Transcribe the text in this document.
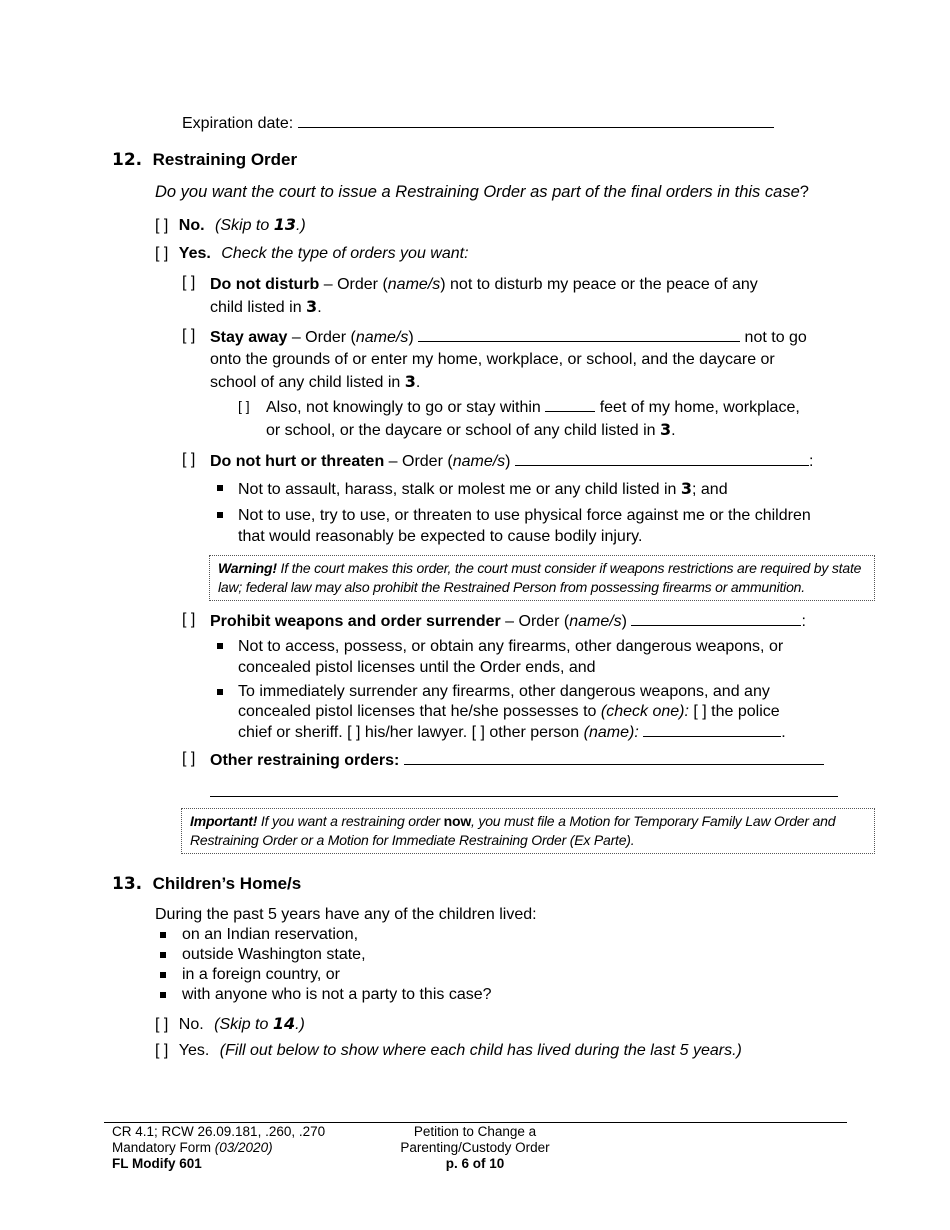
Expiration date:
12. Restraining Order
Do you want the court to issue a Restraining Order as part of the final orders in this case?
[ ] No. (Skip to 13.)
[ ] Yes. Check the type of orders you want:
[ ] Do not disturb – Order (name/s) not to disturb my peace or the peace of any
child listed in 3.
[ ] Stay away – Order (name/s)	not to go
onto the grounds of or enter my home, workplace, or school, and the daycare or
school of any child listed in 3.
[ ] Also, not knowingly to go or stay within	feet of my home, workplace,
or school, or the daycare or school of any child listed in 3.
[ ] Do not hurt or threaten – Order (name/s)	:
Not to assault, harass, stalk or molest me or any child listed in 3; and
Not to use, try to use, or threaten to use physical force against me or the children
that would reasonably be expected to cause bodily injury.
Warning! If the court makes this order, the court must consider if weapons restrictions are required by state law; federal law may also prohibit the Restrained Person from possessing firearms or ammunition.
[ ] Prohibit weapons and order surrender – Order (name/s)	:
Not to access, possess, or obtain any firearms, other dangerous weapons, or
concealed pistol licenses until the Order ends, and
To immediately surrender any firearms, other dangerous weapons, and any
concealed pistol licenses that he/she possesses to (check one): [ ] the police
chief or sheriff. [ ] his/her lawyer. [ ] other person (name):	.
[ ] Other restraining orders:
Important! If you want a restraining order now, you must file a Motion for Temporary Family Law Order and Restraining Order or a Motion for Immediate Restraining Order (Ex Parte).
13. Children’s Home/s
During the past 5 years have any of the children lived:
on an Indian reservation,
outside Washington state,
in a foreign country, or
with anyone who is not a party to this case?
[ ] No. (Skip to 14.)
[ ] Yes. (Fill out below to show where each child has lived during the last 5 years.)
CR 4.1; RCW 26.09.181, .260, .270
Mandatory Form (03/2020)
FL Modify 601
Petition to Change a
Parenting/Custody Order
p. 6 of 10
